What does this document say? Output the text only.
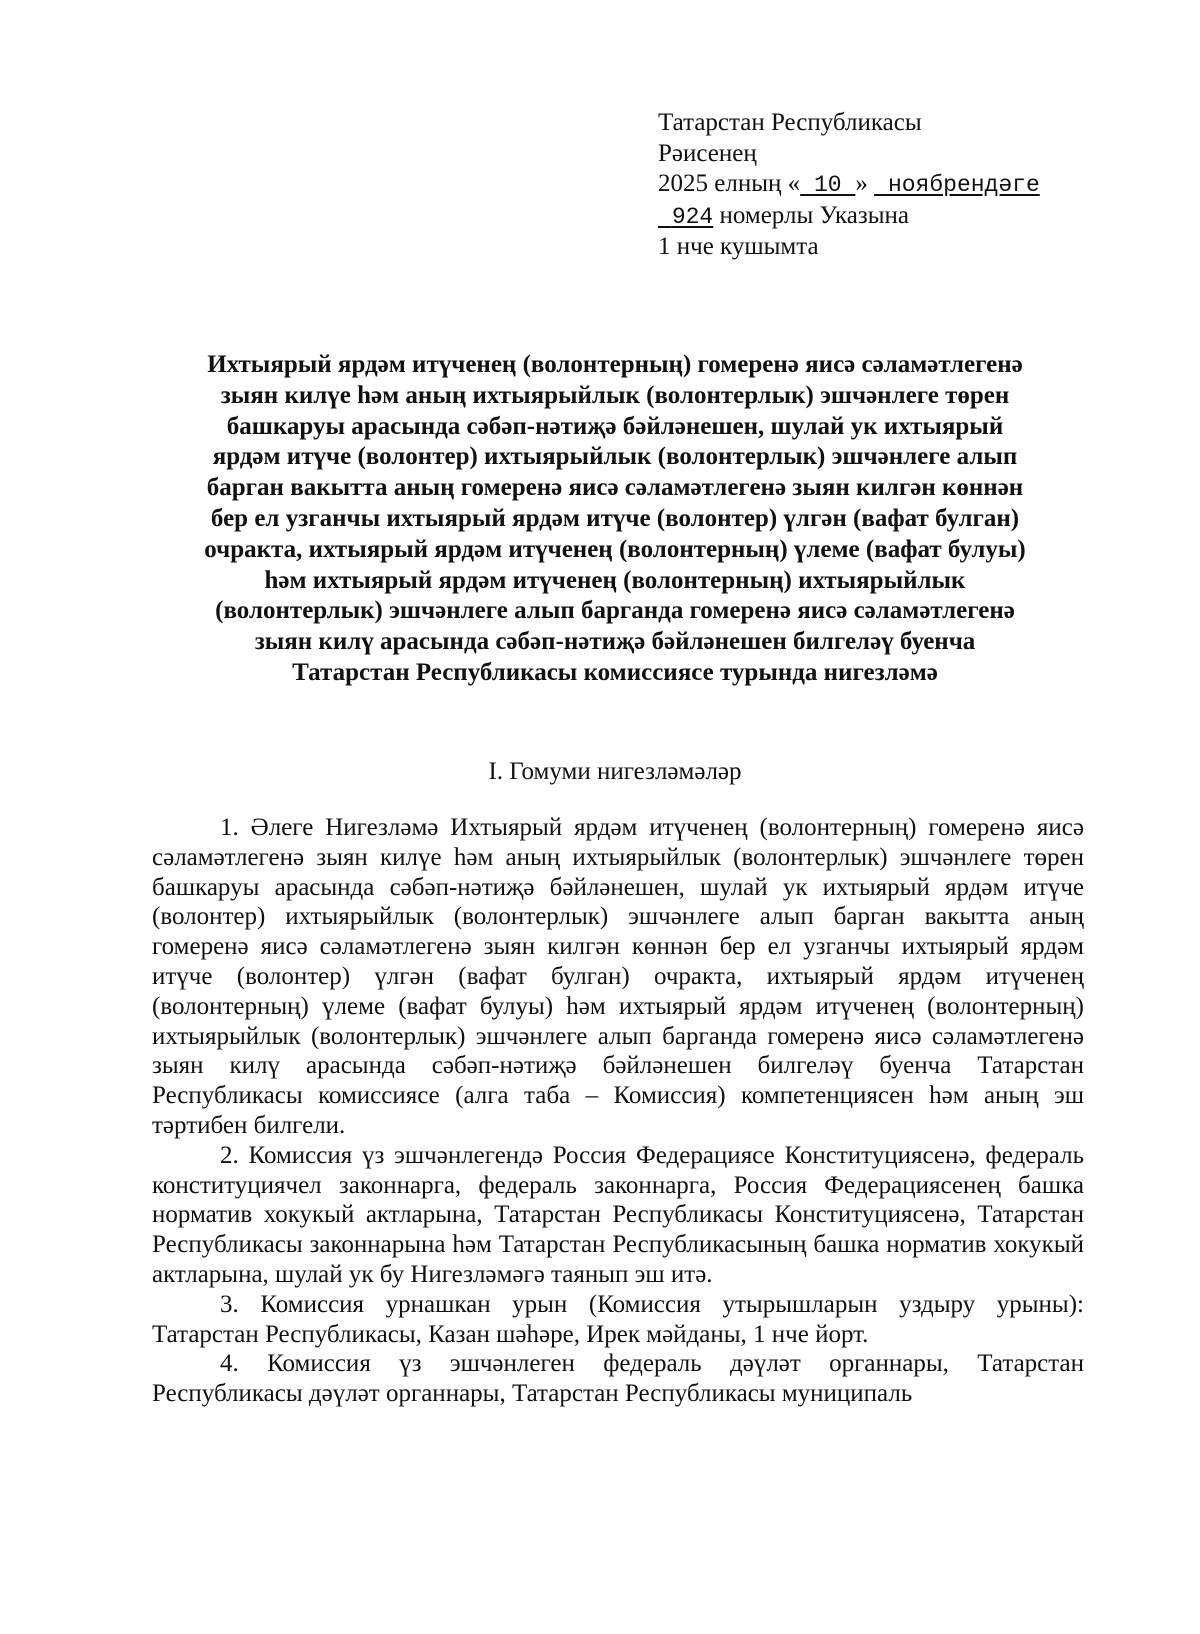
Татарстан Республикасы
Рәисенең
2025 елның « 10 » ноябрендәге
924 номерлы Указына
1 нче кушымта
Ихтыярый ярдәм итүченең (волонтерның) гомеренә яисә сәламәтлегенә
зыян килүе һәм аның ихтыярыйлык (волонтерлык) эшчәнлеге төрен
башкаруы арасында сәбәп-нәтиҗә бәйләнешен, шулай ук ихтыярый
ярдәм итүче (волонтер) ихтыярыйлык (волонтерлык) эшчәнлеге алып
барган вакытта аның гомеренә яисә сәламәтлегенә зыян килгән көннән
бер ел узганчы ихтыярый ярдәм итүче (волонтер) үлгән (вафат булган)
очракта, ихтыярый ярдәм итүченең (волонтерның) үлеме (вафат булуы)
һәм ихтыярый ярдәм итүченең (волонтерның) ихтыярыйлык
(волонтерлык) эшчәнлеге алып барганда гомеренә яисә сәламәтлегенә
зыян килү арасында сәбәп-нәтиҗә бәйләнешен билгеләү буенча
Татарстан Республикасы комиссиясе турында нигезләмә
I. Гомуми нигезләмәләр

1. Әлеге Нигезләмә Ихтыярый ярдәм итүченең (волонтерның) гомеренә яисә сәламәтлегенә зыян килүе һәм аның ихтыярыйлык (волонтерлык) эшчәнлеге төрен башкаруы арасында сәбәп-нәтиҗә бәйләнешен, шулай ук ихтыярый ярдәм итүче (волонтер) ихтыярыйлык (волонтерлык) эшчәнлеге алып барган вакытта аның гомеренә яисә сәламәтлегенә зыян килгән көннән бер ел узганчы ихтыярый ярдәм итүче (волонтер) үлгән (вафат булган) очракта, ихтыярый ярдәм итүченең (волонтерның) үлеме (вафат булуы) һәм ихтыярый ярдәм итүченең (волонтерның) ихтыярыйлык (волонтерлык) эшчәнлеге алып барганда гомеренә яисә сәламәтлегенә зыян килү арасында сәбәп-нәтиҗә бәйләнешен билгеләү буенча Татарстан Республикасы комиссиясе (алга таба – Комиссия) компетенциясен һәм аның эш тәртибен билгели.

2. Комиссия үз эшчәнлегендә Россия Федерациясе Конституциясенә, федераль конституциячел законнарга, федераль законнарга, Россия Федерациясенең башка норматив хокукый актларына, Татарстан Республикасы Конституциясенә, Татарстан Республикасы законнарына һәм Татарстан Республикасының башка норматив хокукый актларына, шулай ук бу Нигезләмәгә таянып эш итә.

3. Комиссия урнашкан урын (Комиссия утырышларын уздыру урыны): Татарстан Республикасы, Казан шәһәре, Ирек мәйданы, 1 нче йорт.

4. Комиссия үз эшчәнлеген федераль дәүләт органнары, Татарстан Республикасы дәүләт органнары, Татарстан Республикасы муниципаль
